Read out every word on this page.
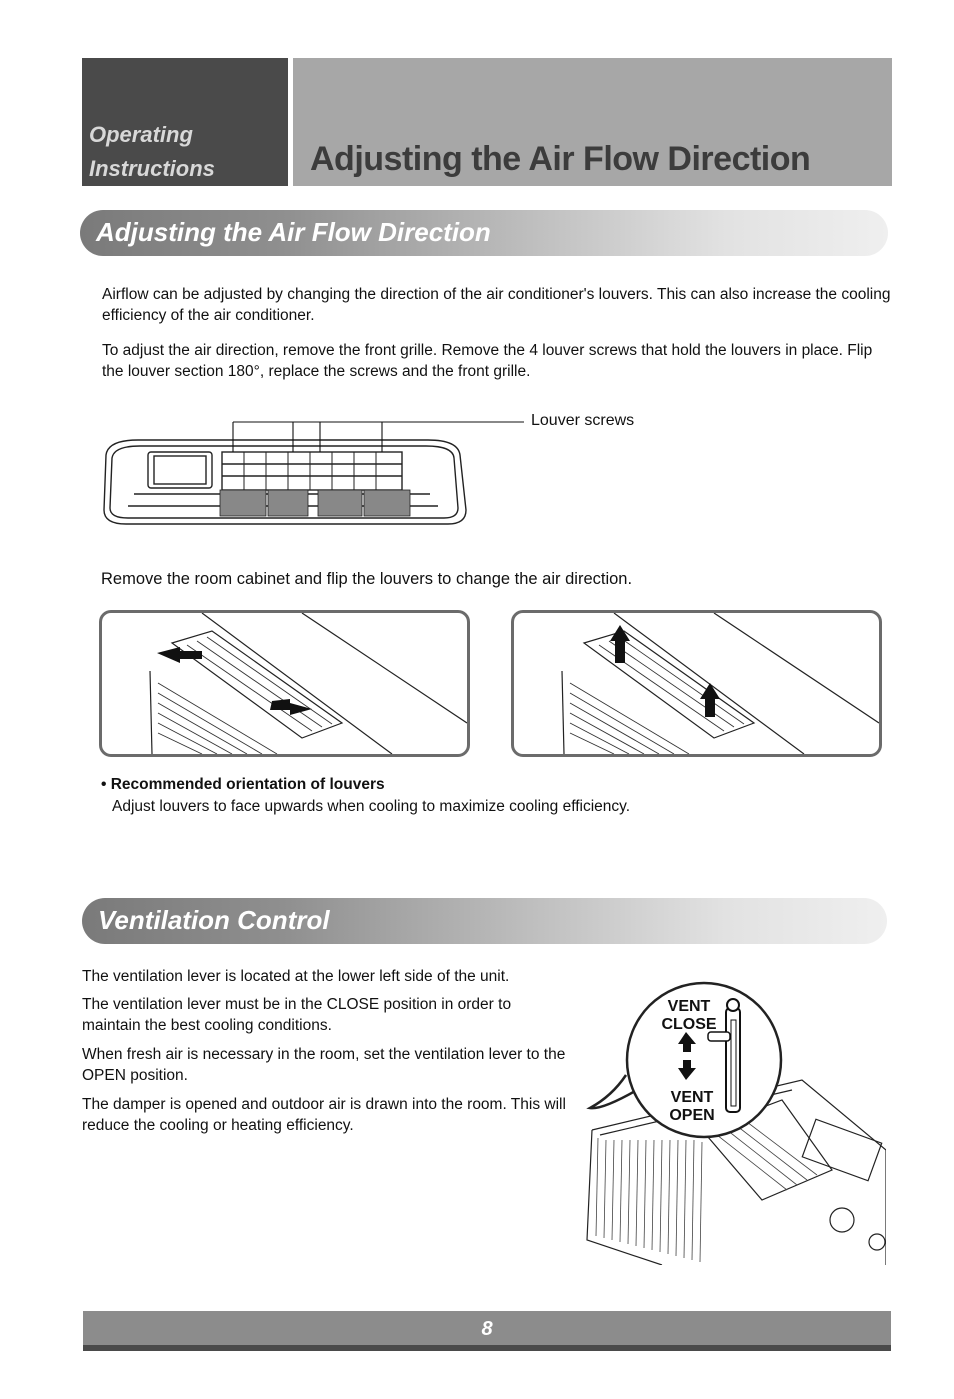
Operating
Instructions	Adjusting the Air Flow Direction
Adjusting the Air Flow Direction
Airflow can be adjusted by changing the direction of the air conditioner's louvers. This can also increase the cooling efficiency of the air conditioner.
To adjust the air direction, remove the front grille. Remove the 4 louver screws that hold the louvers in place. Flip the louver section 180°, replace the screws and the front grille.
Louver screws
Remove the room cabinet and flip the louvers to change the air direction.
• Recommended orientation of louvers
Adjust louvers to face upwards when cooling to maximize cooling efficiency.
Ventilation Control
The ventilation lever is located at the lower left side of the unit.
The ventilation lever must be in the CLOSE position in order to maintain the best cooling conditions.
When fresh air is necessary in the room, set the ventilation lever to the OPEN position.
The damper is opened and outdoor air is drawn into the room. This will reduce the cooling or heating efficiency.
VENT
CLOSE
VENT
OPEN
8
